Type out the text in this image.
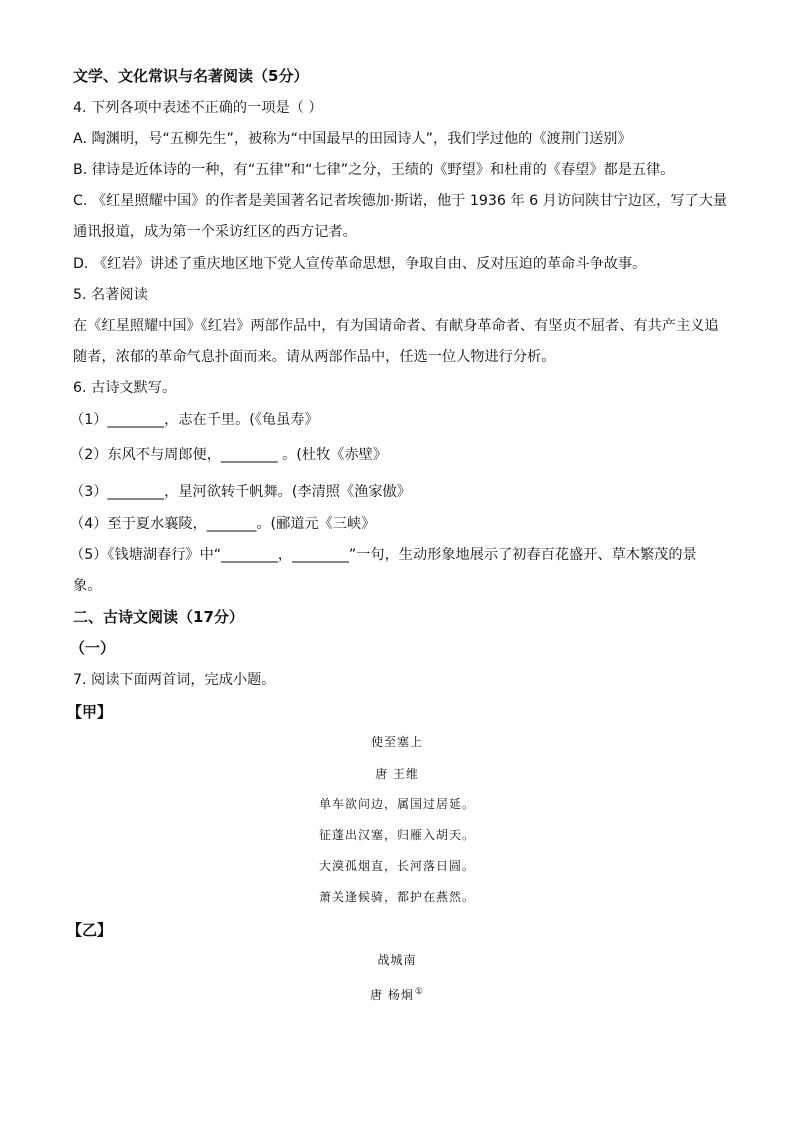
文学、文化常识与名著阅读（5分）
4. 下列各项中表述不正确的一项是（ ）
A. 陶渊明，号“五柳先生”，被称为“中国最早的田园诗人”，我们学过他的《渡荆门送别》
B. 律诗是近体诗的一种，有“五律”和“七律”之分，王绩的《野望》和杜甫的《春望》都是五律。
C. 《红星照耀中国》的作者是美国著名记者埃德加·斯诺，他于 1936 年 6 月访问陕甘宁边区，写了大量
通讯报道，成为第一个采访红区的西方记者。
D. 《红岩》讲述了重庆地区地下党人宣传革命思想，争取自由、反对压迫的革命斗争故事。
5. 名著阅读
在《红星照耀中国》《红岩》两部作品中，有为国请命者、有献身革命者、有坚贞不屈者、有共产主义追
随者，浓郁的革命气息扑面而来。请从两部作品中，任选一位人物进行分析。
6. 古诗文默写。
（1）________，志在千里。(《龟虽寿》
（2）东风不与周郎便，________ 。(杜牧《赤壁》
（3）________，星河欲转千帆舞。(李清照《渔家傲》
（4）至于夏水襄陵，_______。(郦道元《三峡》
（5）《钱塘湖春行》中“________，________”一句，生动形象地展示了初春百花盛开、草木繁茂的景
象。
二、古诗文阅读（17分）
（一）
7. 阅读下面两首词，完成小题。
【甲】
使至塞上
唐 王维
单车欲问边，属国过居延。
征蓬出汉塞，归雁入胡天。
大漠孤烟直，长河落日圆。
萧关逢候骑，都护在燕然。
【乙】
战城南
唐 杨炯①
